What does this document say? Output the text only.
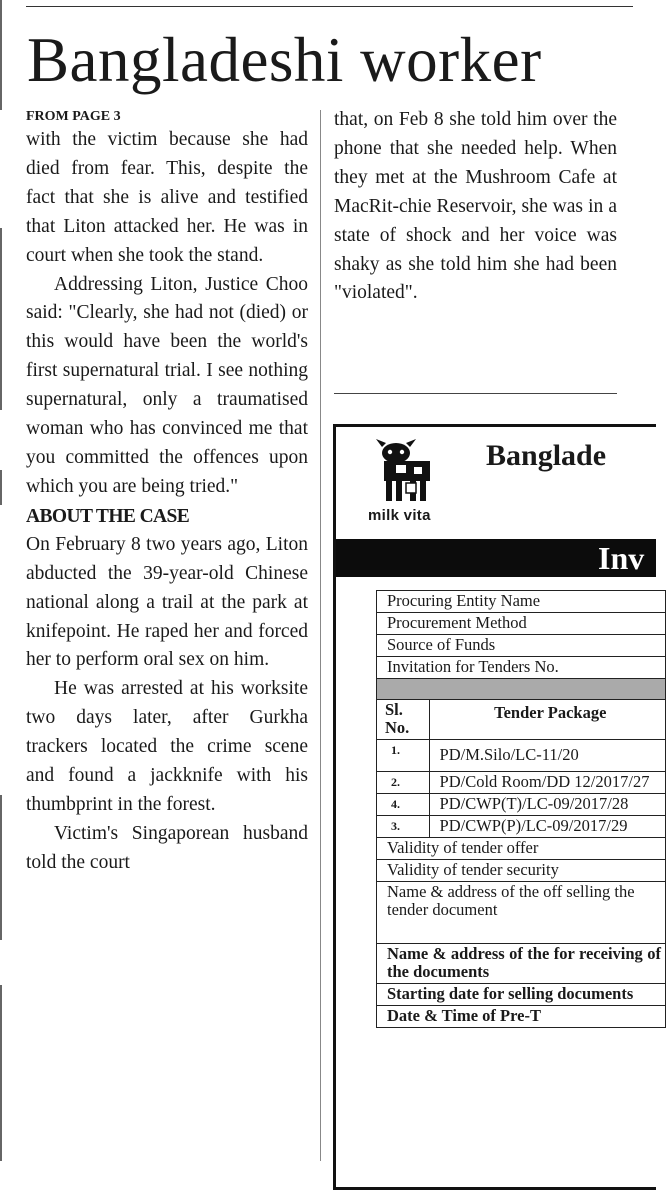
Bangladeshi worker

FROM PAGE 3

with the victim because she had died from fear. This, despite the fact that she is alive and testified that Liton attacked her. He was in court when she took the stand.

Addressing Liton, Justice Choo said: "Clearly, she had not (died) or this would have been the world's first supernatural trial. I see nothing supernatural, only a traumatised woman who has convinced me that you committed the offences upon which you are being tried."

ABOUT THE CASE

On February 8 two years ago, Liton abducted the 39-year-old Chinese national along a trail at the park at knifepoint. He raped her and forced her to perform oral sex on him.

He was arrested at his worksite two days later, after Gurkha trackers located the crime scene and found a jackknife with his thumbprint in the forest.

Victim's Singaporean husband told the court

that, on Feb 8 she told him over the phone that she needed help. When they met at the Mushroom Cafe at MacRit-chie Reservoir, she was in a state of shock and her voice was shaky as she told him she had been "violated".

milk vita
Banglade
Inv
Procuring Entity Name	
Procurement Method	
Source of Funds	
Invitation for Tenders No.	

Sl. No.	Tender Package
1.	PD/M.Silo/LC-11/20
2.	PD/Cold Room/DD 12/2017/27
4.	PD/CWP(T)/LC-09/2017/28
3.	PD/CWP(P)/LC-09/2017/29
Validity of tender offer	
Validity of tender security	
Name & address of the off selling the tender document	
Name & address of the for receiving of the documents	
Starting date for selling documents	
Date & Time of Pre-T	
